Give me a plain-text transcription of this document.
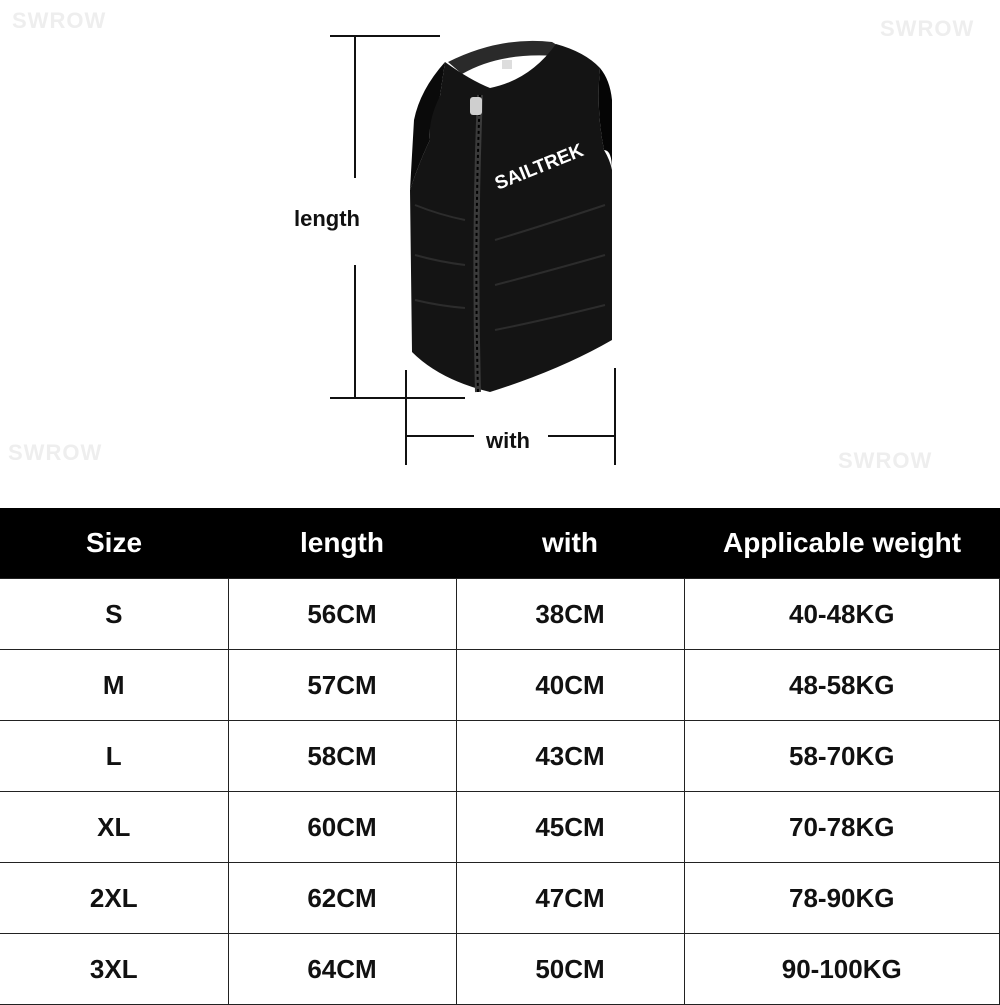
SWROW	SWROW
SWROW	SWROW
SAILTREK
length
with
Size	length	with	Applicable weight
S	56CM	38CM	40-48KG
M	57CM	40CM	48-58KG
L	58CM	43CM	58-70KG
XL	60CM	45CM	70-78KG
2XL	62CM	47CM	78-90KG
3XL	64CM	50CM	90-100KG
